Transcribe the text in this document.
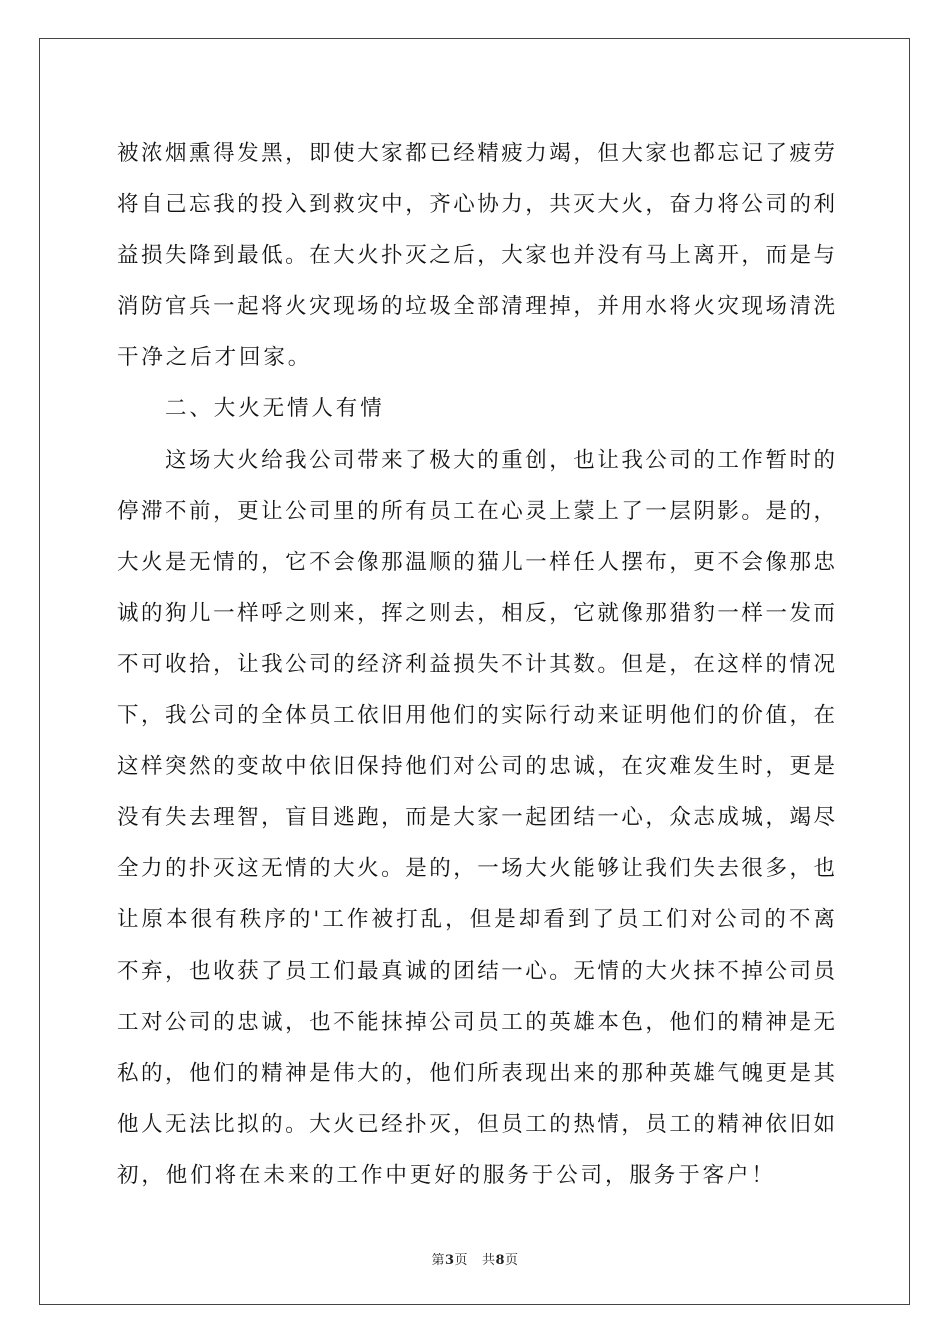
被浓烟熏得发黑，即使大家都已经精疲力竭，但大家也都忘记了疲劳
将自己忘我的投入到救灾中，齐心协力，共灭大火，奋力将公司的利
益损失降到最低。在大火扑灭之后，大家也并没有马上离开，而是与
消防官兵一起将火灾现场的垃圾全部清理掉，并用水将火灾现场清洗
干净之后才回家。
二、大火无情人有情
这场大火给我公司带来了极大的重创，也让我公司的工作暂时的
停滞不前，更让公司里的所有员工在心灵上蒙上了一层阴影。是的，
大火是无情的，它不会像那温顺的猫儿一样任人摆布，更不会像那忠
诚的狗儿一样呼之则来，挥之则去，相反，它就像那猎豹一样一发而
不可收拾，让我公司的经济利益损失不计其数。但是，在这样的情况
下，我公司的全体员工依旧用他们的实际行动来证明他们的价值，在
这样突然的变故中依旧保持他们对公司的忠诚，在灾难发生时，更是
没有失去理智，盲目逃跑，而是大家一起团结一心，众志成城，竭尽
全力的扑灭这无情的大火。是的，一场大火能够让我们失去很多，也
让原本很有秩序的'工作被打乱，但是却看到了员工们对公司的不离
不弃，也收获了员工们最真诚的团结一心。无情的大火抹不掉公司员
工对公司的忠诚，也不能抹掉公司员工的英雄本色，他们的精神是无
私的，他们的精神是伟大的，他们所表现出来的那种英雄气魄更是其
他人无法比拟的。大火已经扑灭，但员工的热情，员工的精神依旧如
初，他们将在未来的工作中更好的服务于公司，服务于客户！
第3页 共8页
